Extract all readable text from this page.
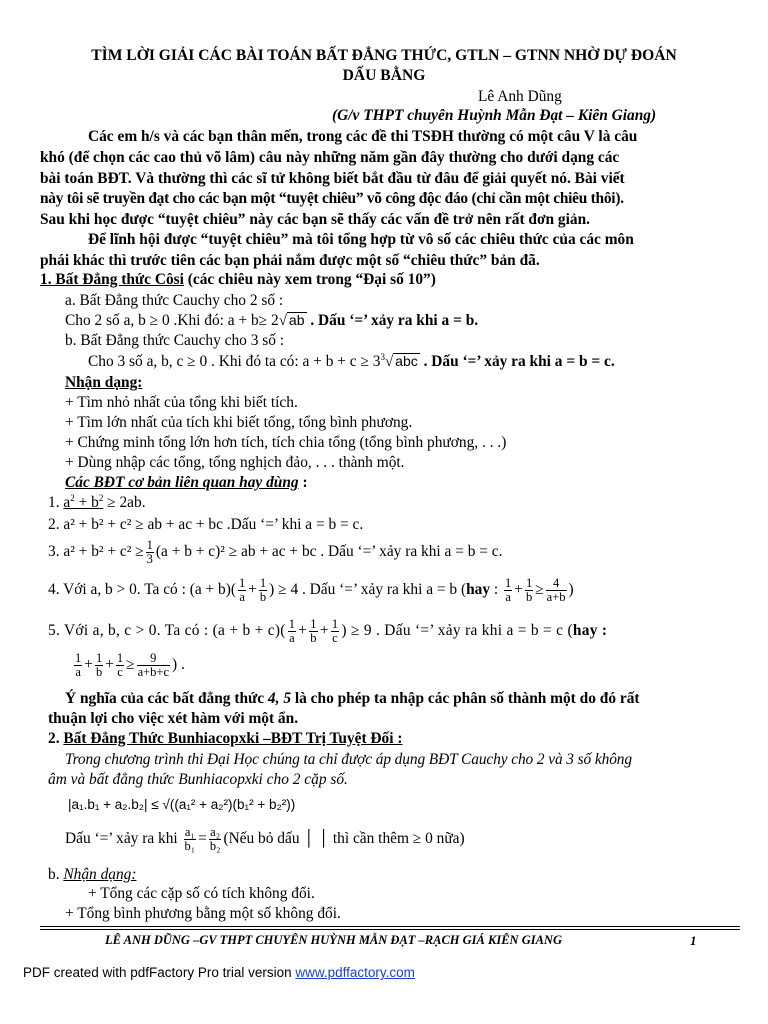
TÌM LỜI GIẢI CÁC BÀI TOÁN BẤT ĐẲNG THỨC, GTLN – GTNN NHỜ DỰ ĐOÁN
DẤU BẰNG
Lê Anh Dũng
(G/v THPT chuyên Huỳnh Mẫn Đạt – Kiên Giang)
Các em h/s và các bạn thân mến, trong các đề thi TSĐH thường có một câu V là câu
khó (để chọn các cao thủ võ lâm) câu này những năm gần đây thường cho dưới dạng các
bài toán BĐT. Và thường thì các sĩ tử không biết bắt đầu từ đâu để giải quyết nó. Bài viết
này tôi sẽ truyền đạt cho các bạn một “tuyệt chiêu” võ công độc đáo (chỉ cần một chiêu thôi).
Sau khi học được “tuyệt chiêu” này các bạn sẽ thấy các vấn đề trở nên rất đơn giản.
Để lĩnh hội được “tuyệt chiêu” mà tôi tổng hợp từ vô số các chiêu thức của các môn
phái khác thì trước tiên các bạn phải nắm được một số “chiêu thức” bản đã.
1. Bất Đẳng thức Côsi (các chiêu này xem trong “Đại số 10”)
a. Bất Đẳng thức Cauchy cho 2 số :
Cho 2 số a, b ≥ 0 .Khi đó: a + b≥ 2√ ab . Dấu ‘=’ xảy ra khi a = b.
b. Bất Đẳng thức Cauchy cho 3 số :
Cho 3 số a, b, c ≥ 0 . Khi đó ta có: $a + b + c \ge 3^3√$ abc . Dấu ‘=’ xảy ra khi a = b = c.
Nhận dạng:
+ Tìm nhỏ nhất của tổng khi biết tích.
+ Tìm lớn nhất của tích khi biết tổng, tổng bình phương.
+ Chứng minh tổng lớn hơn tích, tích chia tổng (tổng bình phương, . . .)
+ Dùng nhập các tổng, tổng nghịch đảo, . . . thành một.
Các BĐT cơ bản liên quan hay dùng :
1. $a^2 + b^2 \ge 2ab$.
2. a² + b² + c² ≥ ab + ac + bc .Dấu ‘=’ khi a = b = c.
3. $a^2 + b^2 + c^2 \ge \frac{1}{3} (a + b + c)^2$ ≥ ab + ac + bc . Dấu ‘=’ xảy ra khi a = b = c.
4. Với a, b > 0. Ta có : $(a + b)( \frac{1}{a} + \frac{1}{b}$ ) ≥ 4 . Dấu ‘=’ xảy ra khi a = b (hay : $\frac{1}{a} + \frac{1}{b} \ge \frac{4}{a+b}$ )
5. Với a, b, c > 0. Ta có : $(a + b + c)( \frac{1}{a} + \frac{1}{b} + \frac{1}{c}$ ) ≥ 9 . Dấu ‘=’ xảy ra khi a = b = c (hay :
$\frac{1}{a} + \frac{1}{b} + \frac{1}{c} \ge \frac{9}{a+b+c}$ ) .
Ý nghĩa của các bất đẳng thức 4, 5 là cho phép ta nhập các phân số thành một do đó rất
thuận lợi cho việc xét hàm với một ẩn.
2. Bất Đẳng Thức Bunhiacopxki –BĐT Trị Tuyệt Đối :
Trong chương trình thi Đại Học chúng ta chỉ được áp dụng BĐT Cauchy cho 2 và 3 số không
âm và bất đẳng thức Bunhiacopxki cho 2 cặp số.
|a₁.b₁ + a₂.b₂| ≤ √((a₁² + a₂²)(b₁² + b₂²))
Dấu ‘=’ xảy ra khi $\frac{\text{a₁}}{\text{b₁}} = \frac{\text{a₂}}{\text{b₂}}$ (Nếu bỏ dấu │ │ thì cần thêm ≥ 0 nữa)
b. Nhận dạng:
+ Tổng các cặp số có tích không đổi.
+ Tổng bình phương bằng một số không đổi.
LÊ ANH DŨNG –GV THPT CHUYÊN HUỲNH MẪN ĐẠT –RẠCH GIÁ KIÊN GIANG	1
PDF created with pdfFactory Pro trial version www.pdffactory.com
